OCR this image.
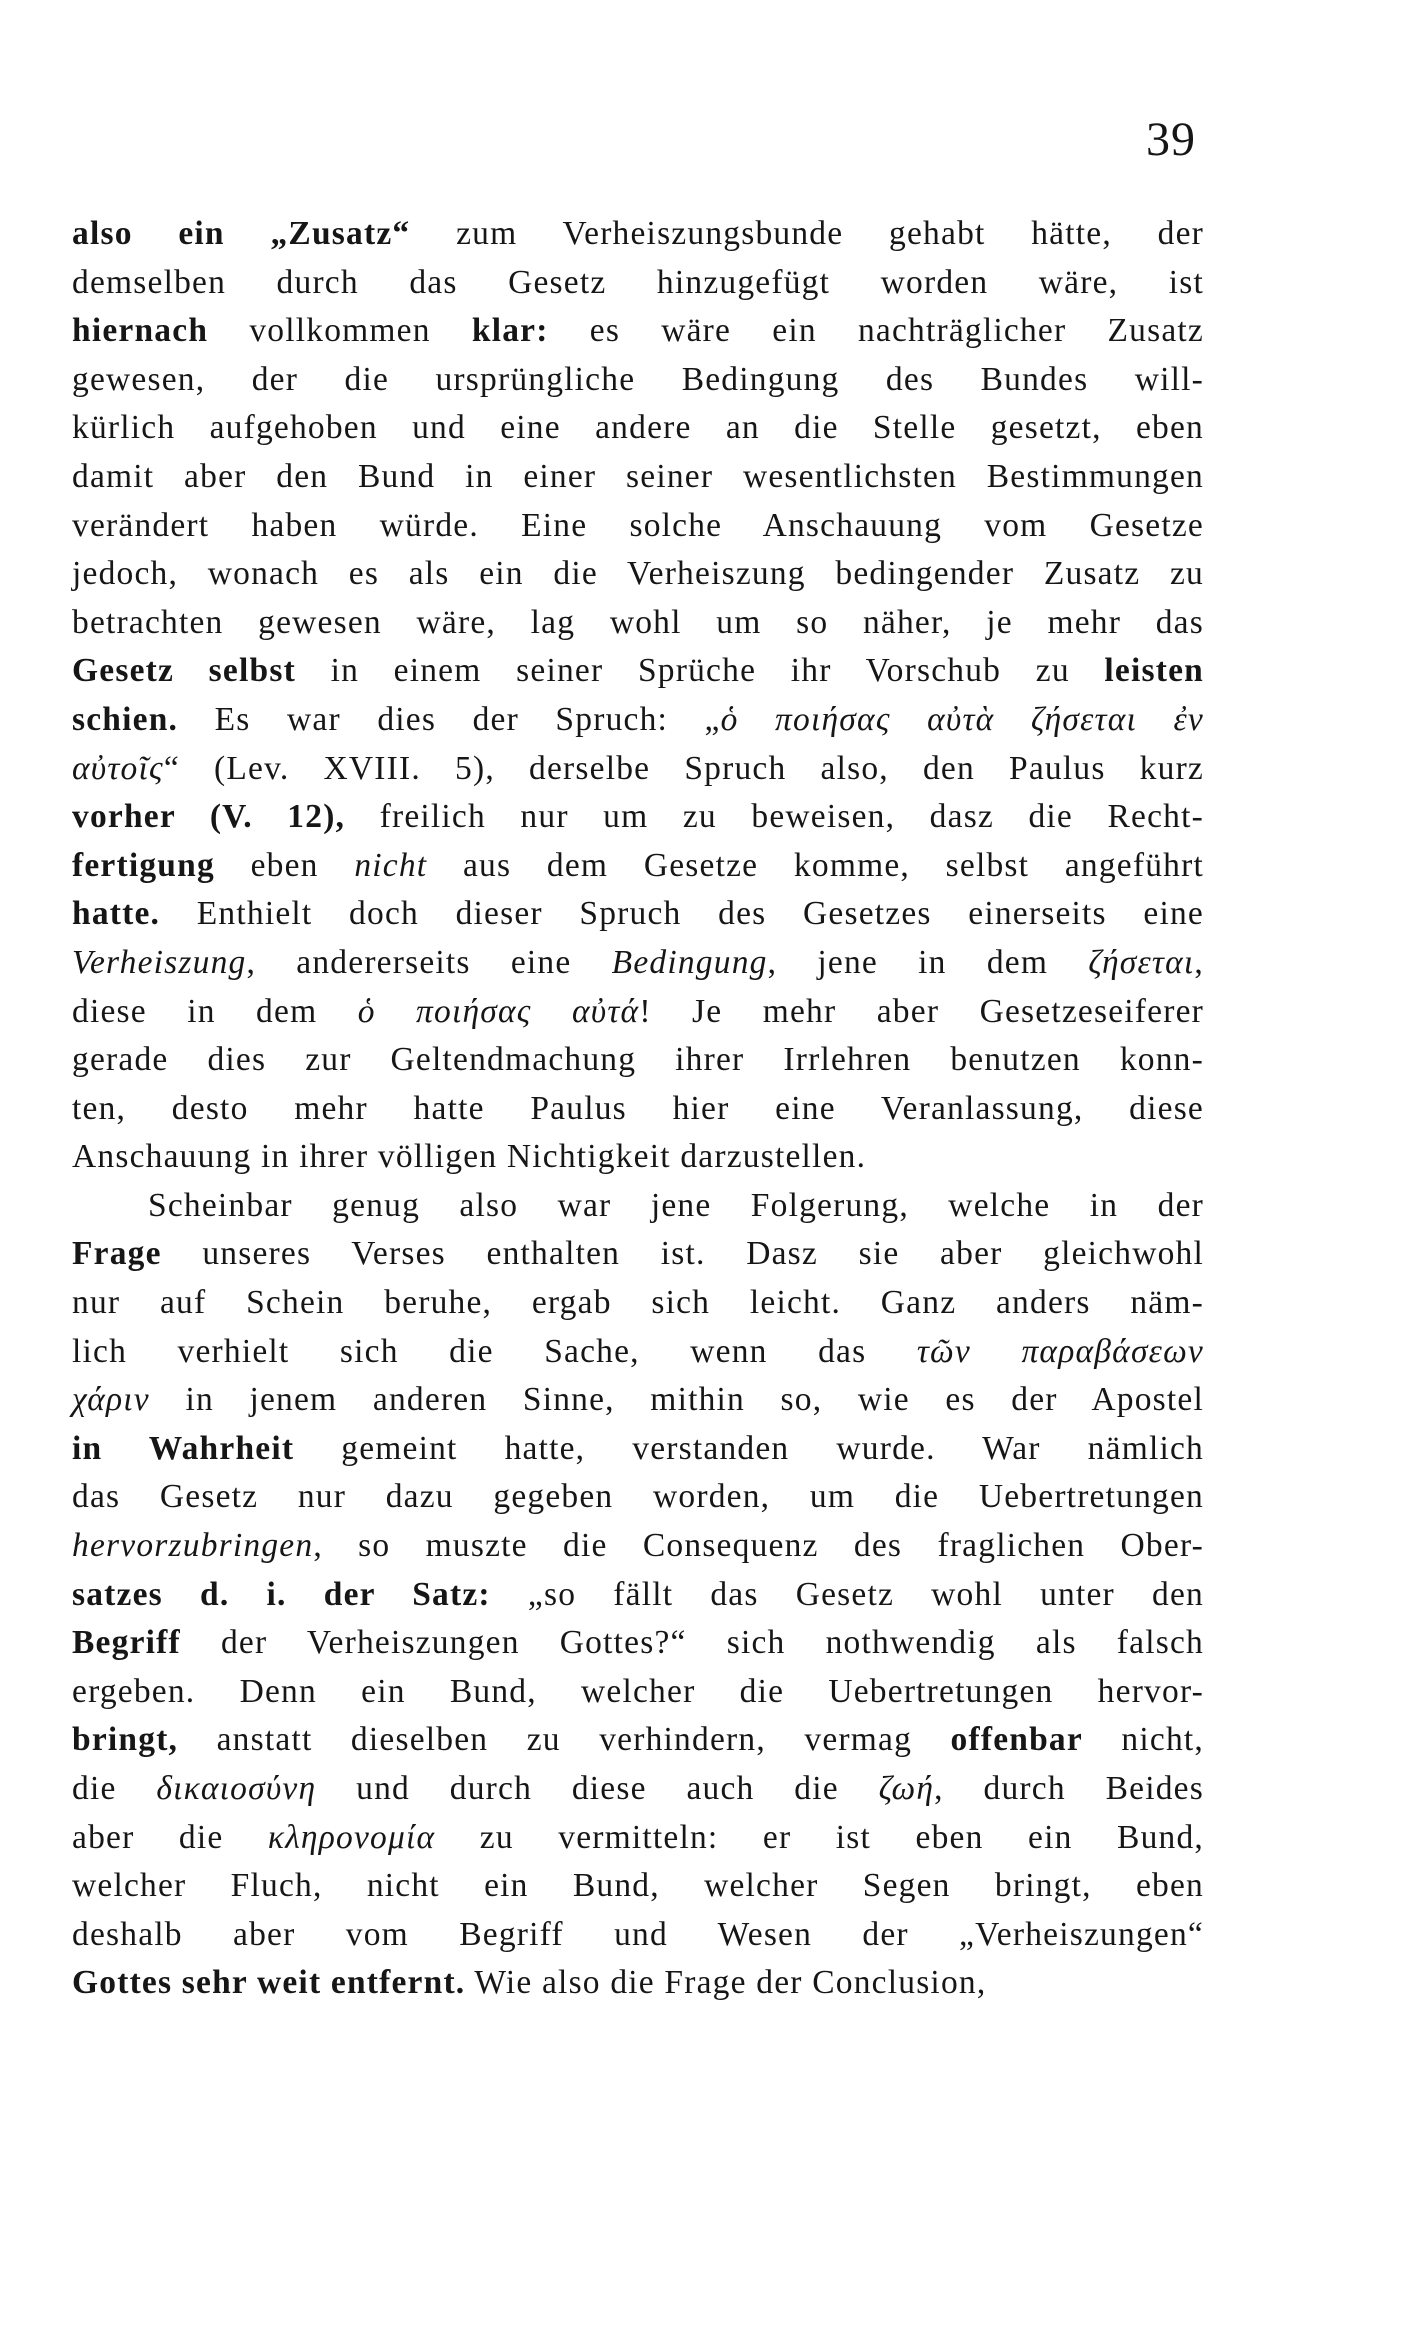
39
also ein „Zusatz“ zum Verheiszungsbunde gehabt hätte, der
demselben durch das Gesetz hinzugefügt worden wäre, ist
hiernach vollkommen klar: es wäre ein nachträglicher Zusatz
gewesen, der die ursprüngliche Bedingung des Bundes will-
kürlich aufgehoben und eine andere an die Stelle gesetzt, eben
damit aber den Bund in einer seiner wesentlichsten Bestimmungen
verändert haben würde. Eine solche Anschauung vom Gesetze
jedoch, wonach es als ein die Verheiszung bedingender Zusatz zu
betrachten gewesen wäre, lag wohl um so näher, je mehr das
Gesetz selbst in einem seiner Sprüche ihr Vorschub zu leisten
schien. Es war dies der Spruch: „ὁ ποιήσας αὐτὰ ζήσεται ἐν
αὐτοῖς“ (Lev. XVIII. 5), derselbe Spruch also, den Paulus kurz
vorher (V. 12), freilich nur um zu beweisen, dasz die Recht-
fertigung eben nicht aus dem Gesetze komme, selbst angeführt
hatte. Enthielt doch dieser Spruch des Gesetzes einerseits eine
Verheiszung, andererseits eine Bedingung, jene in dem ζήσεται,
diese in dem ὁ ποιήσας αὐτά! Je mehr aber Gesetzeseiferer
gerade dies zur Geltendmachung ihrer Irrlehren benutzen konn-
ten, desto mehr hatte Paulus hier eine Veranlassung, diese
Anschauung in ihrer völligen Nichtigkeit darzustellen.
Scheinbar genug also war jene Folgerung, welche in der
Frage unseres Verses enthalten ist. Dasz sie aber gleichwohl
nur auf Schein beruhe, ergab sich leicht. Ganz anders näm-
lich verhielt sich die Sache, wenn das τῶν παραβάσεων
χάριν in jenem anderen Sinne, mithin so, wie es der Apostel
in Wahrheit gemeint hatte, verstanden wurde. War nämlich
das Gesetz nur dazu gegeben worden, um die Uebertretungen
hervorzubringen, so muszte die Consequenz des fraglichen Ober-
satzes d. i. der Satz: „so fällt das Gesetz wohl unter den
Begriff der Verheiszungen Gottes?“ sich nothwendig als falsch
ergeben. Denn ein Bund, welcher die Uebertretungen hervor-
bringt, anstatt dieselben zu verhindern, vermag offenbar nicht,
die δικαιοσύνη und durch diese auch die ζωή, durch Beides
aber die κληρονομία zu vermitteln: er ist eben ein Bund,
welcher Fluch, nicht ein Bund, welcher Segen bringt, eben
deshalb aber vom Begriff und Wesen der „Verheiszungen“
Gottes sehr weit entfernt. Wie also die Frage der Conclusion,
